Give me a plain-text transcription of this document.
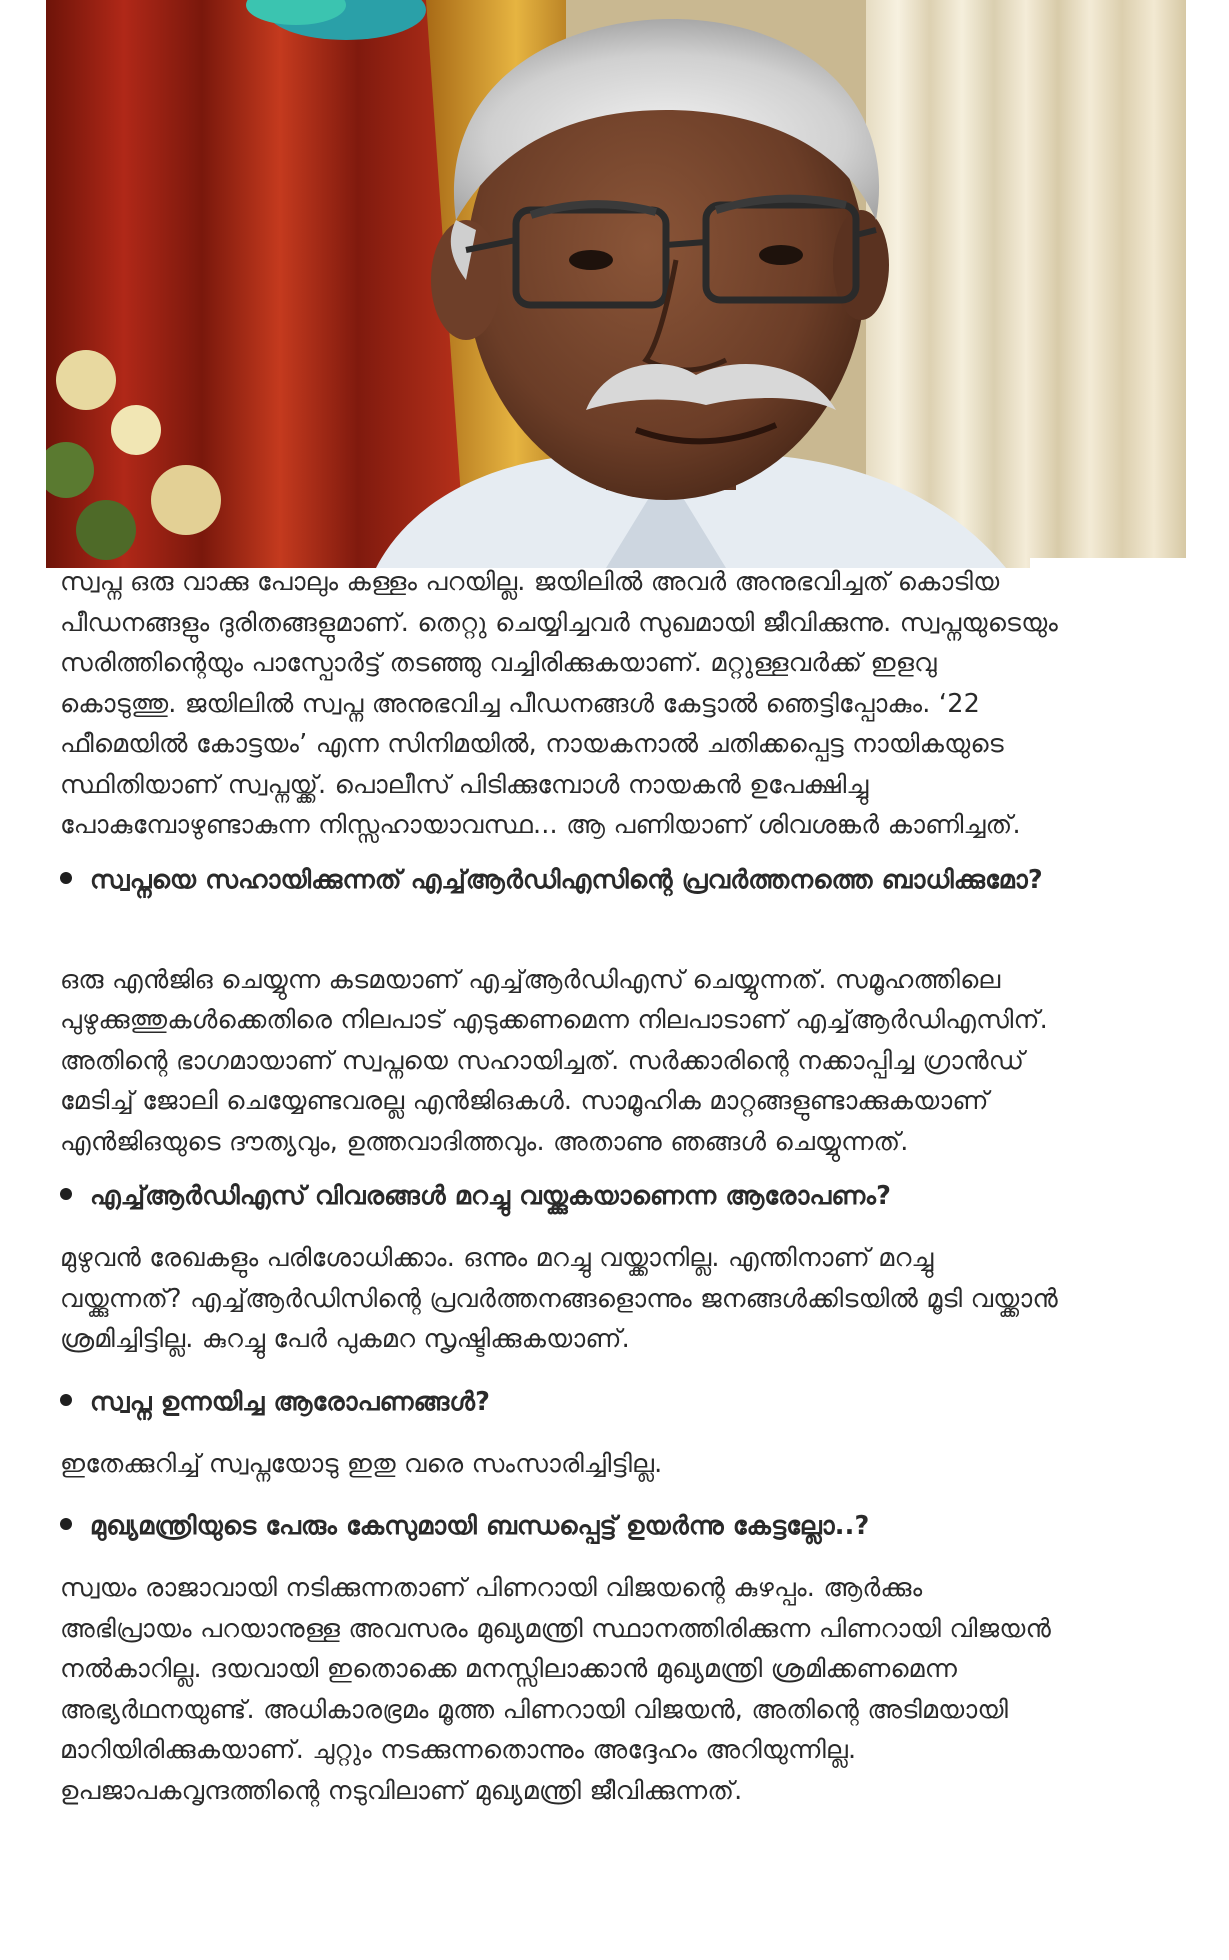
സ്വപ്ന ഒരു വാക്കു പോലും കള്ളം പറയില്ല. ജയിലിൽ അവർ അനുഭവിച്ചത് കൊടിയ പീഡനങ്ങളും ദുരിതങ്ങളുമാണ്. തെറ്റു ചെയ്യിച്ചവർ സുഖമായി ജീവിക്കുന്നു. സ്വപ്നയുടെയും സരിത്തിന്റെയും പാസ്പോർട്ട് തടഞ്ഞു വച്ചിരിക്കുകയാണ്. മറ്റുള്ളവർക്ക് ഇളവു കൊടുത്തു. ജയിലിൽ സ്വപ്ന അനുഭവിച്ച പീഡനങ്ങൾ കേട്ടാൽ ഞെട്ടിപ്പോകും. ‘22 ഫീമെയിൽ കോട്ടയം’ എന്ന സിനിമയിൽ, നായകനാൽ ചതിക്കപ്പെട്ട നായികയുടെ സ്ഥിതിയാണ് സ്വപ്നയ്ക്ക്. പൊലീസ് പിടിക്കുമ്പോൾ നായകൻ ഉപേക്ഷിച്ചു പോകുമ്പോഴുണ്ടാകുന്ന നിസ്സഹായാവസ്ഥ... ആ പണിയാണ് ശിവശങ്കർ കാണിച്ചത്.

സ്വപ്നയെ സഹായിക്കുന്നത് എച്ച്ആർഡിഎസിന്റെ പ്രവർത്തനത്തെ ബാധിക്കുമോ?

ഒരു എൻജിഒ ചെയ്യുന്ന കടമയാണ് എച്ച്ആർഡിഎസ് ചെയ്യുന്നത്. സമൂഹത്തിലെ പുഴുക്കുത്തുകൾക്കെതിരെ നിലപാട് എടുക്കണമെന്ന നിലപാടാണ് എച്ച്ആർഡിഎസിന്. അതിന്റെ ഭാഗമായാണ് സ്വപ്നയെ സഹായിച്ചത്. സർക്കാരിന്റെ നക്കാപ്പിച്ച ഗ്രാൻഡ് മേടിച്ച് ജോലി ചെയ്യേണ്ടവരല്ല എൻജിഒകൾ. സാമൂഹിക മാറ്റങ്ങളുണ്ടാക്കുകയാണ് എൻജിഒയുടെ ദൗത്യവും, ഉത്തവാദിത്തവും. അതാണു ഞങ്ങൾ ചെയ്യുന്നത്.

എച്ച്ആർഡിഎസ് വിവരങ്ങൾ മറച്ചു വയ്ക്കുകയാണെന്ന ആരോപണം?

മുഴുവൻ രേഖകളും പരിശോധിക്കാം. ഒന്നും മറച്ചു വയ്ക്കാനില്ല. എന്തിനാണ് മറച്ചു വയ്ക്കുന്നത്? എച്ച്ആർഡിസിന്റെ പ്രവർത്തനങ്ങളൊന്നും ജനങ്ങൾക്കിടയിൽ മൂടി വയ്ക്കാൻ ശ്രമിച്ചിട്ടില്ല. കുറച്ചു പേർ പുകമറ സൃഷ്ടിക്കുകയാണ്.

സ്വപ്ന ഉന്നയിച്ച ആരോപണങ്ങൾ?

ഇതേക്കുറിച്ച് സ്വപ്നയോടു ഇതു വരെ സംസാരിച്ചിട്ടില്ല.

മുഖ്യമന്ത്രിയുടെ പേരും കേസുമായി ബന്ധപ്പെട്ട് ഉയർന്നു കേട്ടല്ലോ..?

സ്വയം രാജാവായി നടിക്കുന്നതാണ് പിണറായി വിജയന്റെ കുഴപ്പം. ആർക്കും അഭിപ്രായം പറയാനുള്ള അവസരം മുഖ്യമന്ത്രി സ്ഥാനത്തിരിക്കുന്ന പിണറായി വിജയൻ നൽകാറില്ല. ദയവായി ഇതൊക്കെ മനസ്സിലാക്കാൻ മുഖ്യമന്ത്രി ശ്രമിക്കണമെന്ന അഭ്യർഥനയുണ്ട്. അധികാരഭ്രമം മൂത്ത പിണറായി വിജയൻ, അതിന്റെ അടിമയായി മാറിയിരിക്കുകയാണ്. ചുറ്റും നടക്കുന്നതൊന്നും അദ്ദേഹം അറിയുന്നില്ല. ഉപജാപകവൃന്ദത്തിന്റെ നടുവിലാണ് മുഖ്യമന്ത്രി ജീവിക്കുന്നത്.
